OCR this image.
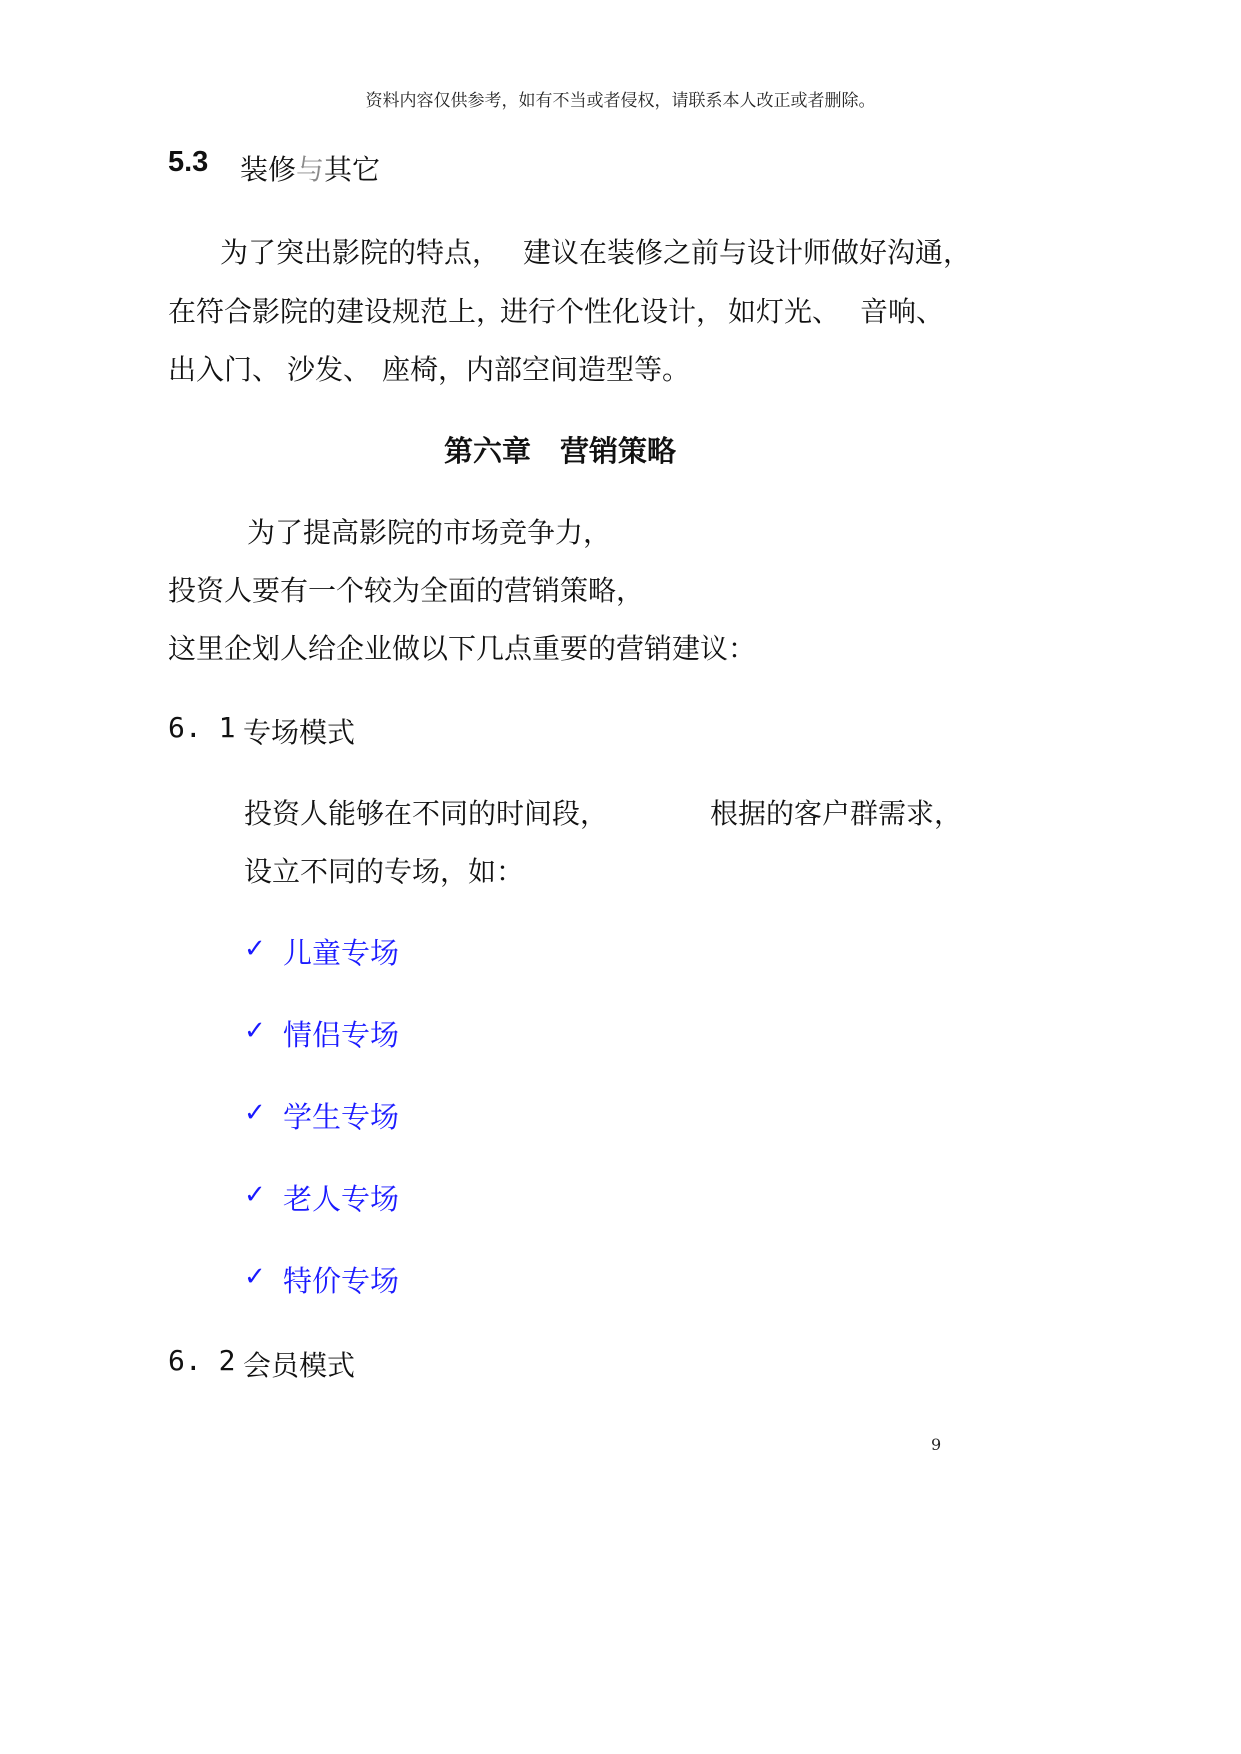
资料内容仅供参考，如有不当或者侵权，请联系本人改正或者删除。
5.3 装修与其它
为了突出影院的特点， 建议在装修之前与设计师做好沟通，
在符合影院的建设规范上，
进行个性化设计， 如灯光、 音响、
出入门、 沙发、 座椅，内部空间造型等。
第六章　营销策略
为了提高影院的市场竞争力，
投资人要有一个较为全面的营销策略，
这里企划人给企业做以下几点重要的营销建议：
6. 1 专场模式
投资人能够在不同的时间段，	根据的客户群需求，
设立不同的专场，如：
✓ 儿童专场
✓ 情侣专场
✓ 学生专场
✓ 老人专场
✓ 特价专场
6. 2 会员模式
9
